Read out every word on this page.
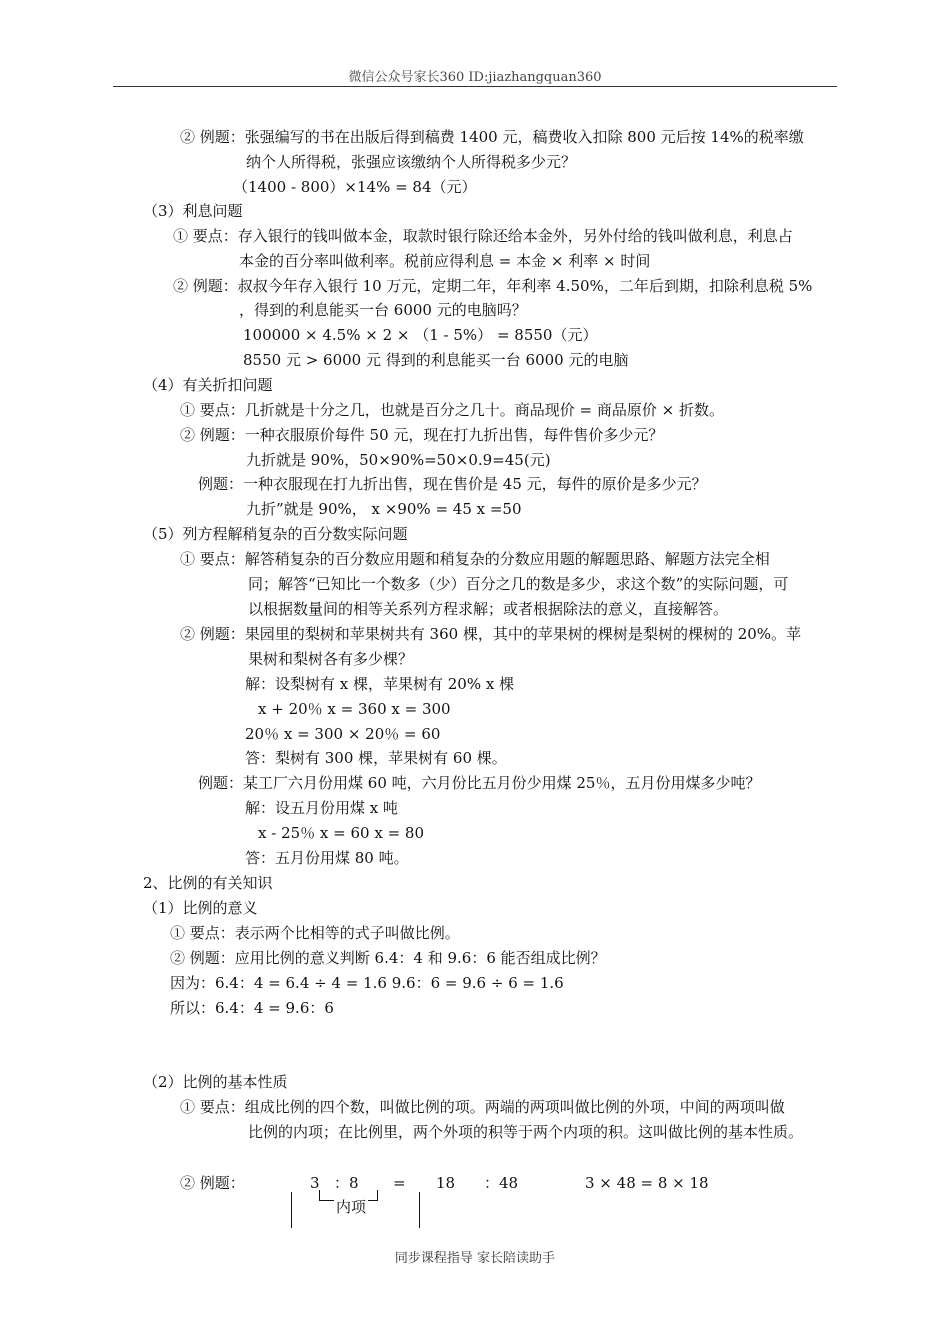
微信公众号家长360 ID:jiazhangquan360
② 例题：张强编写的书在出版后得到稿费 1400 元，稿费收入扣除 800 元后按 14%的税率缴
纳个人所得税，张强应该缴纳个人所得税多少元？
（1400 - 800）×14% = 84（元）
（3）利息问题
① 要点：存入银行的钱叫做本金，取款时银行除还给本金外，另外付给的钱叫做利息，利息占
本金的百分率叫做利率。税前应得利息 = 本金 × 利率 × 时间
② 例题：叔叔今年存入银行 10 万元，定期二年，年利率 4.50%，二年后到期，扣除利息税 5%
，得到的利息能买一台 6000 元的电脑吗？
100000 × 4.5% × 2 × （1 - 5%） = 8550（元）
8550 元 > 6000 元 得到的利息能买一台 6000 元的电脑
（4）有关折扣问题
① 要点：几折就是十分之几，也就是百分之几十。商品现价 = 商品原价 × 折数。
② 例题：一种衣服原价每件 50 元，现在打九折出售，每件售价多少元？
九折就是 90%，50×90%=50×0.9=45(元)
例题：一种衣服现在打九折出售，现在售价是 45 元，每件的原价是多少元？
九折”就是 90%， x ×90% = 45 x =50
（5）列方程解稍复杂的百分数实际问题
① 要点：解答稍复杂的百分数应用题和稍复杂的分数应用题的解题思路、解题方法完全相
同；解答“已知比一个数多（少）百分之几的数是多少，求这个数”的实际问题，可
以根据数量间的相等关系列方程求解；或者根据除法的意义，直接解答。
② 例题：果园里的梨树和苹果树共有 360 棵，其中的苹果树的棵树是梨树的棵树的 20%。苹
果树和梨树各有多少棵？
解：设梨树有 x 棵，苹果树有 20% x 棵
x + 20％ x = 360 x = 300
20％ x = 300 × 20％ = 60
答：梨树有 300 棵，苹果树有 60 棵。
例题：某工厂六月份用煤 60 吨，六月份比五月份少用煤 25％，五月份用煤多少吨？
解：设五月份用煤 x 吨
x - 25％ x = 60 x = 80
答：五月份用煤 80 吨。
2、比例的有关知识
（1）比例的意义
① 要点：表示两个比相等的式子叫做比例。
② 例题：应用比例的意义判断 6.4：4 和 9.6：6 能否组成比例？
因为：6.4：4 = 6.4 ÷ 4 = 1.6 9.6：6 = 9.6 ÷ 6 = 1.6
所以：6.4：4 = 9.6：6
（2）比例的基本性质
① 要点：组成比例的四个数，叫做比例的项。两端的两项叫做比例的外项，中间的两项叫做
比例的内项；在比例里，两个外项的积等于两个内项的积。这叫做比例的基本性质。
② 例题：	3 ：8 = 18 ：48	3 × 48 = 8 × 18
内项
同步课程指导 家长陪读助手
